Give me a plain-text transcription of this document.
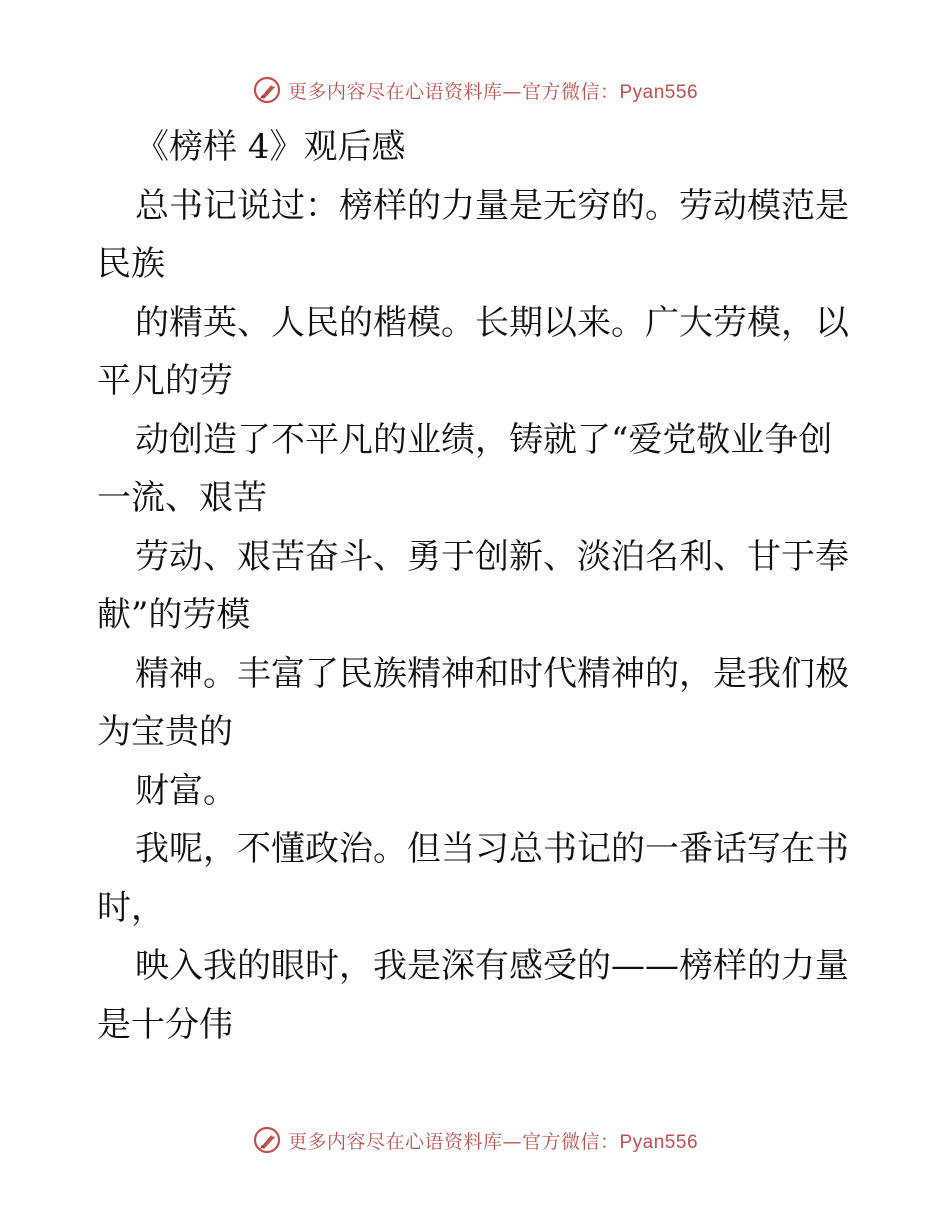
更多内容尽在心语资料库—官方微信：Pyan556
《榜样 4》观后感
总书记说过：榜样的力量是无穷的。劳动模范是
民族
的精英、人民的楷模。长期以来。广大劳模，以
平凡的劳
动创造了不平凡的业绩，铸就了“爱党敬业争创
一流、艰苦
劳动、艰苦奋斗、勇于创新、淡泊名利、甘于奉
献”的劳模
精神。丰富了民族精神和时代精神的，是我们极
为宝贵的
财富。
我呢，不懂政治。但当习总书记的一番话写在书
时，
映入我的眼时，我是深有感受的——榜样的力量
是十分伟
更多内容尽在心语资料库—官方微信：Pyan556
